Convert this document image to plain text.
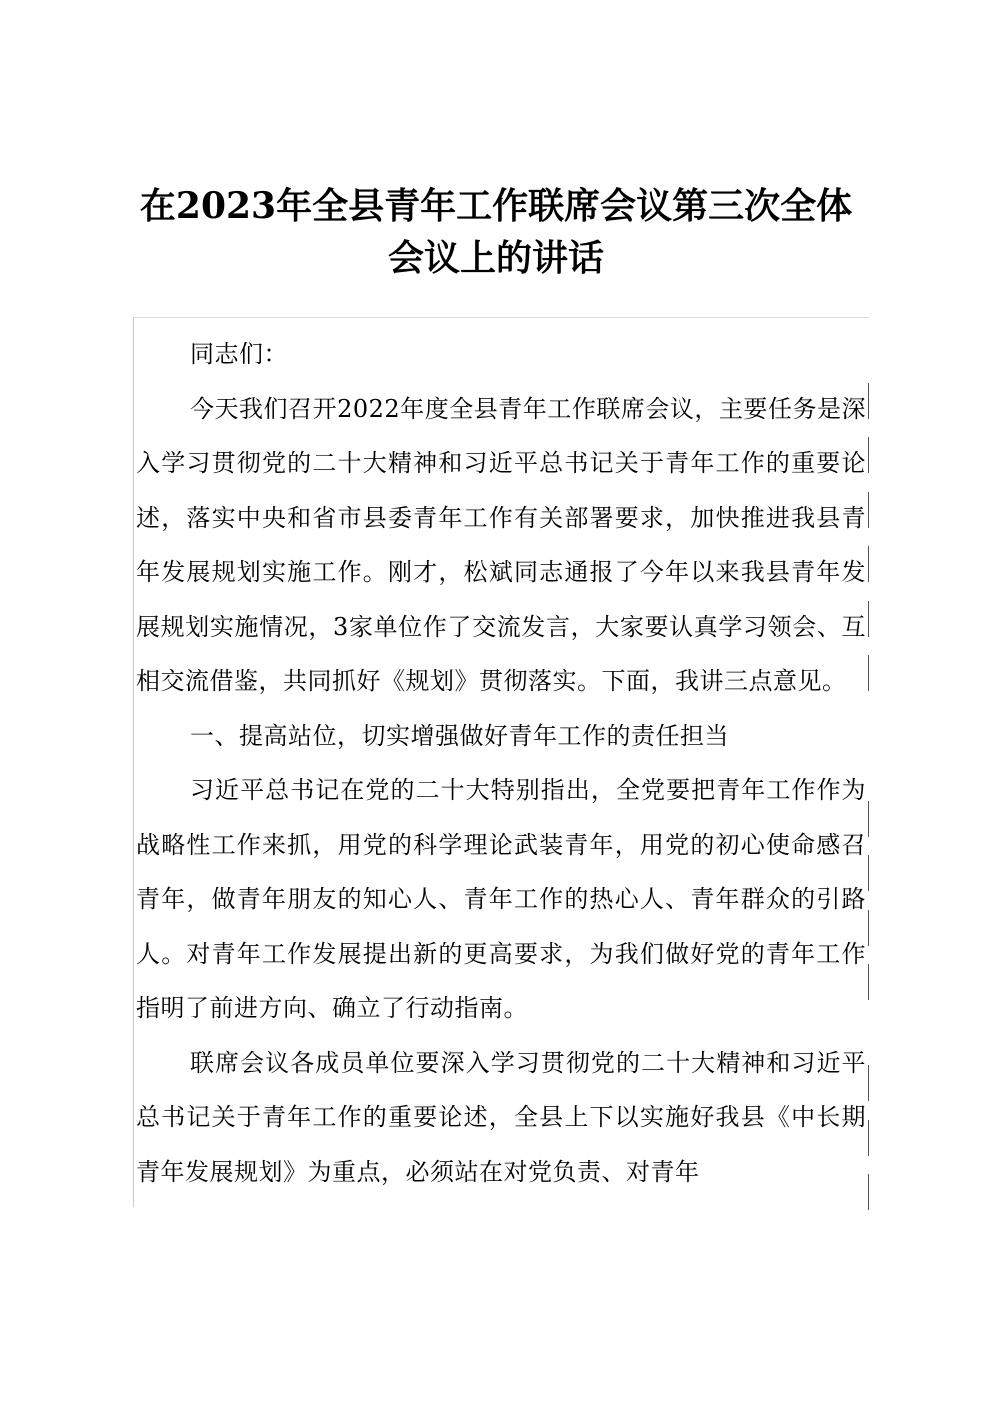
在2023年全县青年工作联席会议第三次全体
会议上的讲话

同志们：

今天我们召开2022年度全县青年工作联席会议，主要任务是深入学习贯彻党的二十大精神和习近平总书记关于青年工作的重要论述，落实中央和省市县委青年工作有关部署要求，加快推进我县青年发展规划实施工作。刚才，松斌同志通报了今年以来我县青年发展规划实施情况，3家单位作了交流发言，大家要认真学习领会、互相交流借鉴，共同抓好《规划》贯彻落实。下面，我讲三点意见。

一、提高站位，切实增强做好青年工作的责任担当

习近平总书记在党的二十大特别指出，全党要把青年工作作为战略性工作来抓，用党的科学理论武装青年，用党的初心使命感召青年，做青年朋友的知心人、青年工作的热心人、青年群众的引路人。对青年工作发展提出新的更高要求，为我们做好党的青年工作指明了前进方向、确立了行动指南。

联席会议各成员单位要深入学习贯彻党的二十大精神和习近平总书记关于青年工作的重要论述，全县上下以实施好我县《中长期青年发展规划》为重点，必须站在对党负责、对青年
